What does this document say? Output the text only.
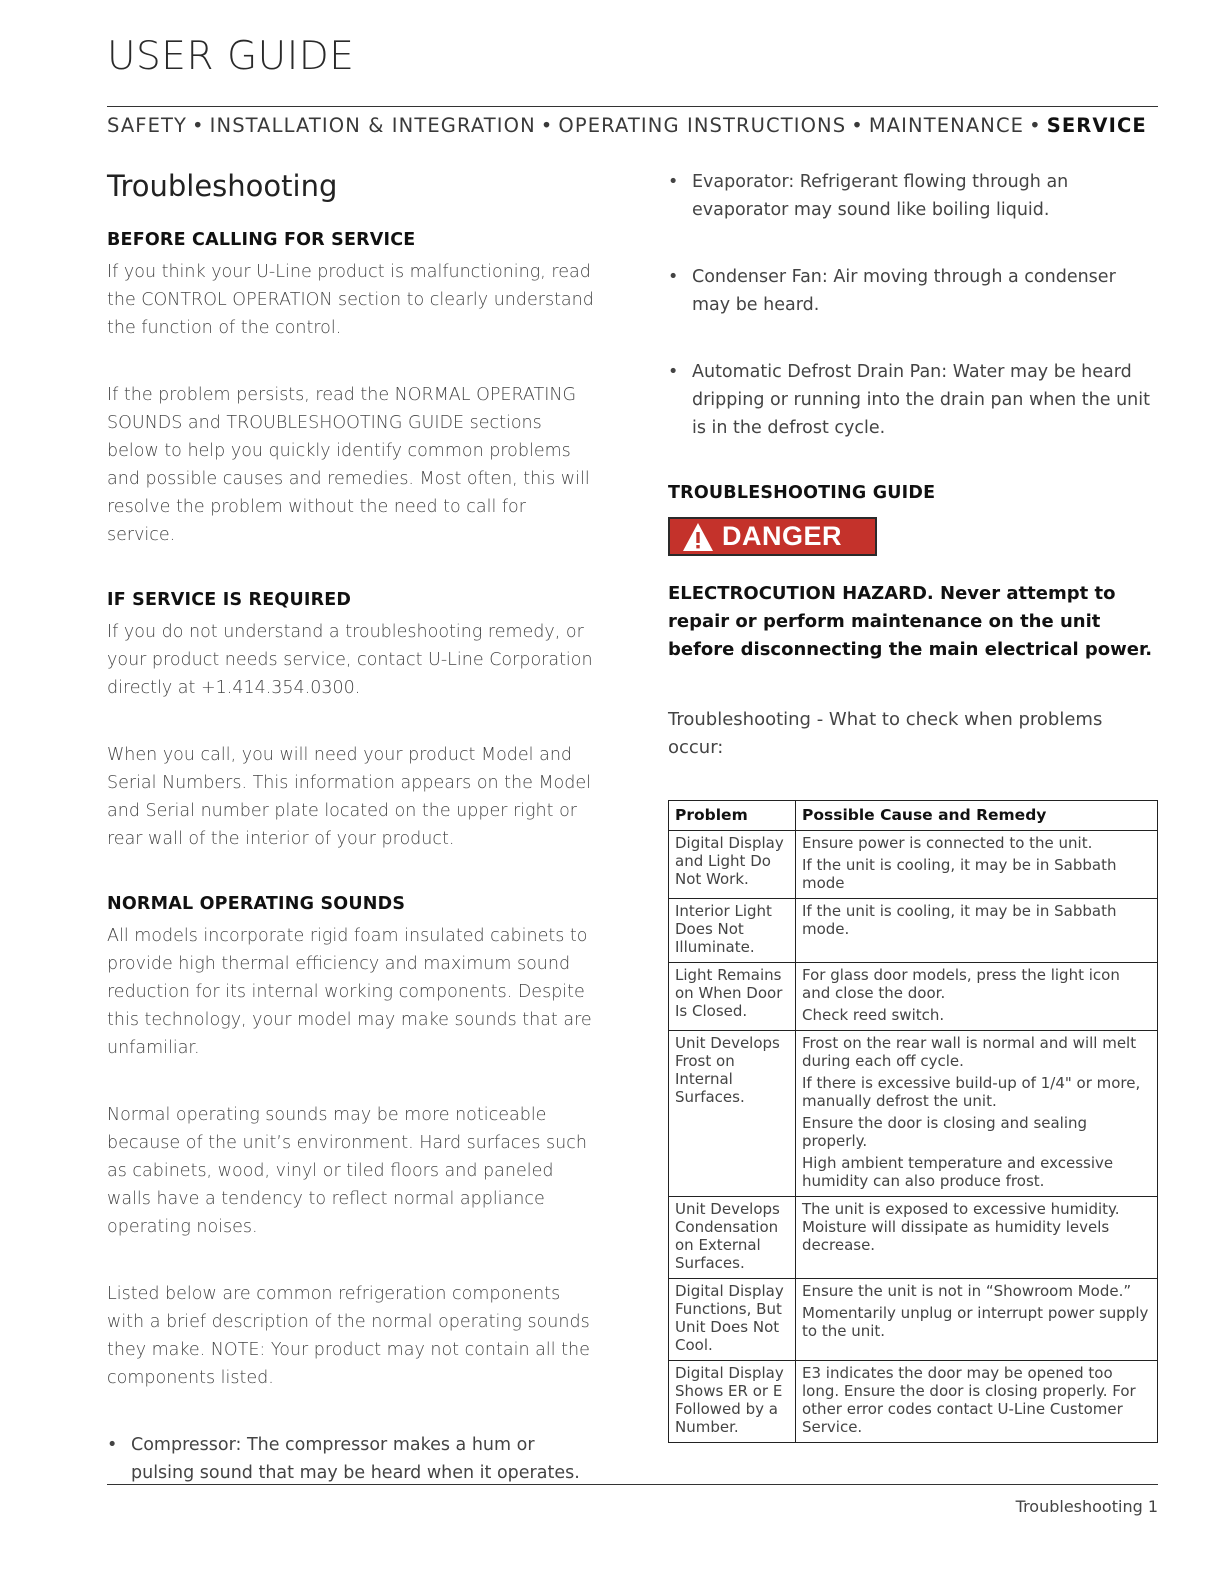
USER GUIDE
SAFETY • INSTALLATION & INTEGRATION • OPERATING INSTRUCTIONS • MAINTENANCE • SERVICE
Troubleshooting
BEFORE CALLING FOR SERVICE

If you think your U-Line product is malfunctioning, read the CONTROL OPERATION section to clearly understand the function of the control.

If the problem persists, read the NORMAL OPERATING SOUNDS and TROUBLESHOOTING GUIDE sections below to help you quickly identify common problems and possible causes and remedies. Most often, this will resolve the problem without the need to call for service.

IF SERVICE IS REQUIRED

If you do not understand a troubleshooting remedy, or your product needs service, contact U-Line Corporation directly at +1.414.354.0300.

When you call, you will need your product Model and Serial Numbers. This information appears on the Model and Serial number plate located on the upper right or rear wall of the interior of your product.

NORMAL OPERATING SOUNDS

All models incorporate rigid foam insulated cabinets to provide high thermal efficiency and maximum sound reduction for its internal working components. Despite this technology, your model may make sounds that are unfamiliar.

Normal operating sounds may be more noticeable because of the unit’s environment. Hard surfaces such as cabinets, wood, vinyl or tiled floors and paneled walls have a tendency to reflect normal appliance operating noises.

Listed below are common refrigeration components with a brief description of the normal operating sounds they make. NOTE: Your product may not contain all the components listed.

• Compressor: The compressor makes a hum or pulsing sound that may be heard when it operates.
• Evaporator: Refrigerant flowing through an evaporator may sound like boiling liquid.
• Condenser Fan: Air moving through a condenser may be heard.
• Automatic Defrost Drain Pan: Water may be heard dripping or running into the drain pan when the unit is in the defrost cycle.
TROUBLESHOOTING GUIDE
DANGER

ELECTROCUTION HAZARD. Never attempt to repair or perform maintenance on the unit before disconnecting the main electrical power.

Troubleshooting - What to check when problems occur:

Problem	Possible Cause and Remedy
Digital Display and Light Do Not Work.	Ensure power is connected to the unit.
If the unit is cooling, it may be in Sabbath mode

Interior Light Does Not Illuminate.	If the unit is cooling, it may be in Sabbath mode.

Light Remains on When Door Is Closed.	For glass door models, press the light icon and close the door.
Check reed switch.

Unit Develops Frost on Internal Surfaces.	Frost on the rear wall is normal and will melt during each off cycle.
If there is excessive build-up of 1/4" or more, manually defrost the unit.
Ensure the door is closing and sealing properly.
High ambient temperature and excessive humidity can also produce frost.

Unit Develops Condensation on External Surfaces.	The unit is exposed to excessive humidity. Moisture will dissipate as humidity levels decrease.

Digital Display Functions, But Unit Does Not Cool.	Ensure the unit is not in “Showroom Mode.”
Momentarily unplug or interrupt power supply to the unit.

Digital Display Shows ER or E Followed by a Number.	E3 indicates the door may be opened too long. Ensure the door is closing properly. For other error codes contact U-Line Customer Service.
Troubleshooting 1
